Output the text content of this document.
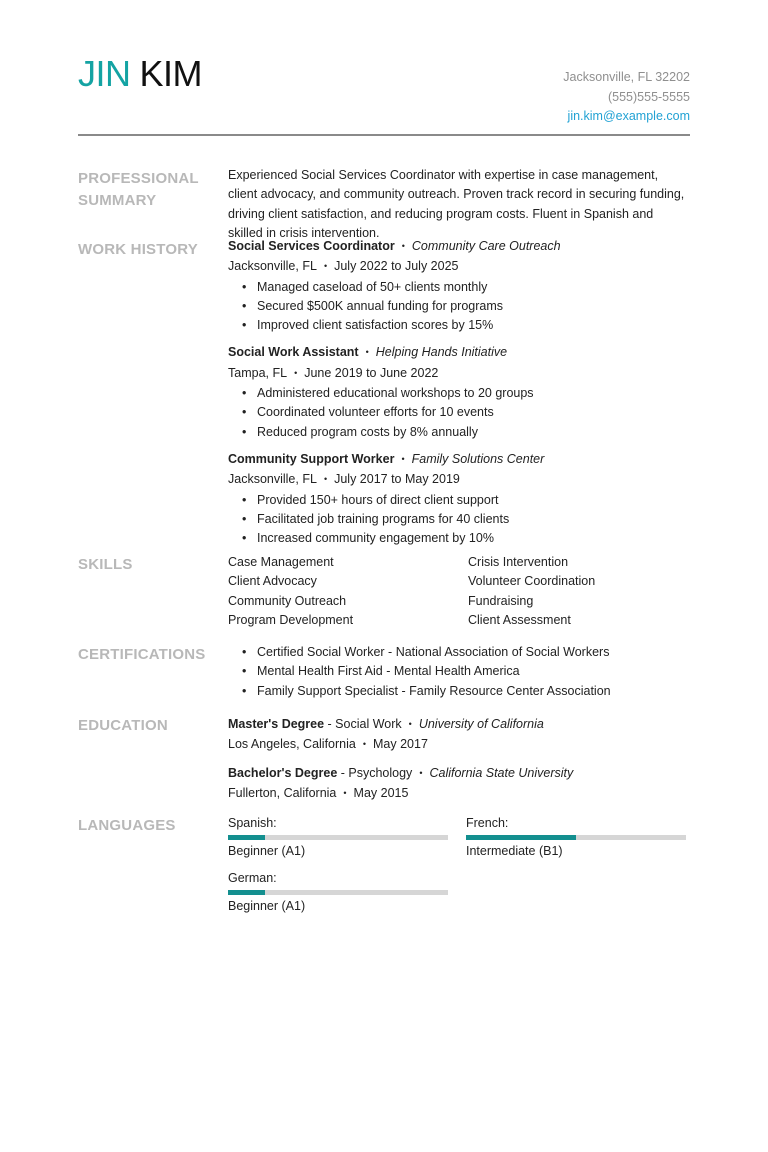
JIN KIM	Jacksonville, FL 32202
(555)555-5555
jin.kim@example.com
PROFESSIONAL SUMMARY

Experienced Social Services Coordinator with expertise in case management, client advocacy, and community outreach. Proven track record in securing funding, driving client satisfaction, and reducing program costs. Fluent in Spanish and skilled in crisis intervention.

WORK HISTORY	Social Services Coordinator • Community Care Outreach
Jacksonville, FL • July 2022 to July 2025
• Managed caseload of 50+ clients monthly
• Secured $500K annual funding for programs
• Improved client satisfaction scores by 15%
Social Work Assistant • Helping Hands Initiative
Tampa, FL • June 2019 to June 2022
• Administered educational workshops to 20 groups
• Coordinated volunteer efforts for 10 events
• Reduced program costs by 8% annually
Community Support Worker • Family Solutions Center
Jacksonville, FL • July 2017 to May 2019
• Provided 150+ hours of direct client support
• Facilitated job training programs for 40 clients
• Increased community engagement by 10%
SKILLS	Case Management	Crisis Intervention
Client Advocacy	Volunteer Coordination
Community Outreach	Fundraising
Program Development	Client Assessment
CERTIFICATIONS
•	Certified Social Worker - National Association of Social Workers
• Mental Health First Aid - Mental Health America
• Family Support Specialist - Family Resource Center Association
EDUCATION	Master's Degree - Social Work • University of California
Los Angeles, California • May 2017
Bachelor's Degree - Psychology • California State University
Fullerton, California • May 2015
LANGUAGES	Spanish:
Beginner (A1)
French:
Intermediate (B1)
German:
Beginner (A1)
